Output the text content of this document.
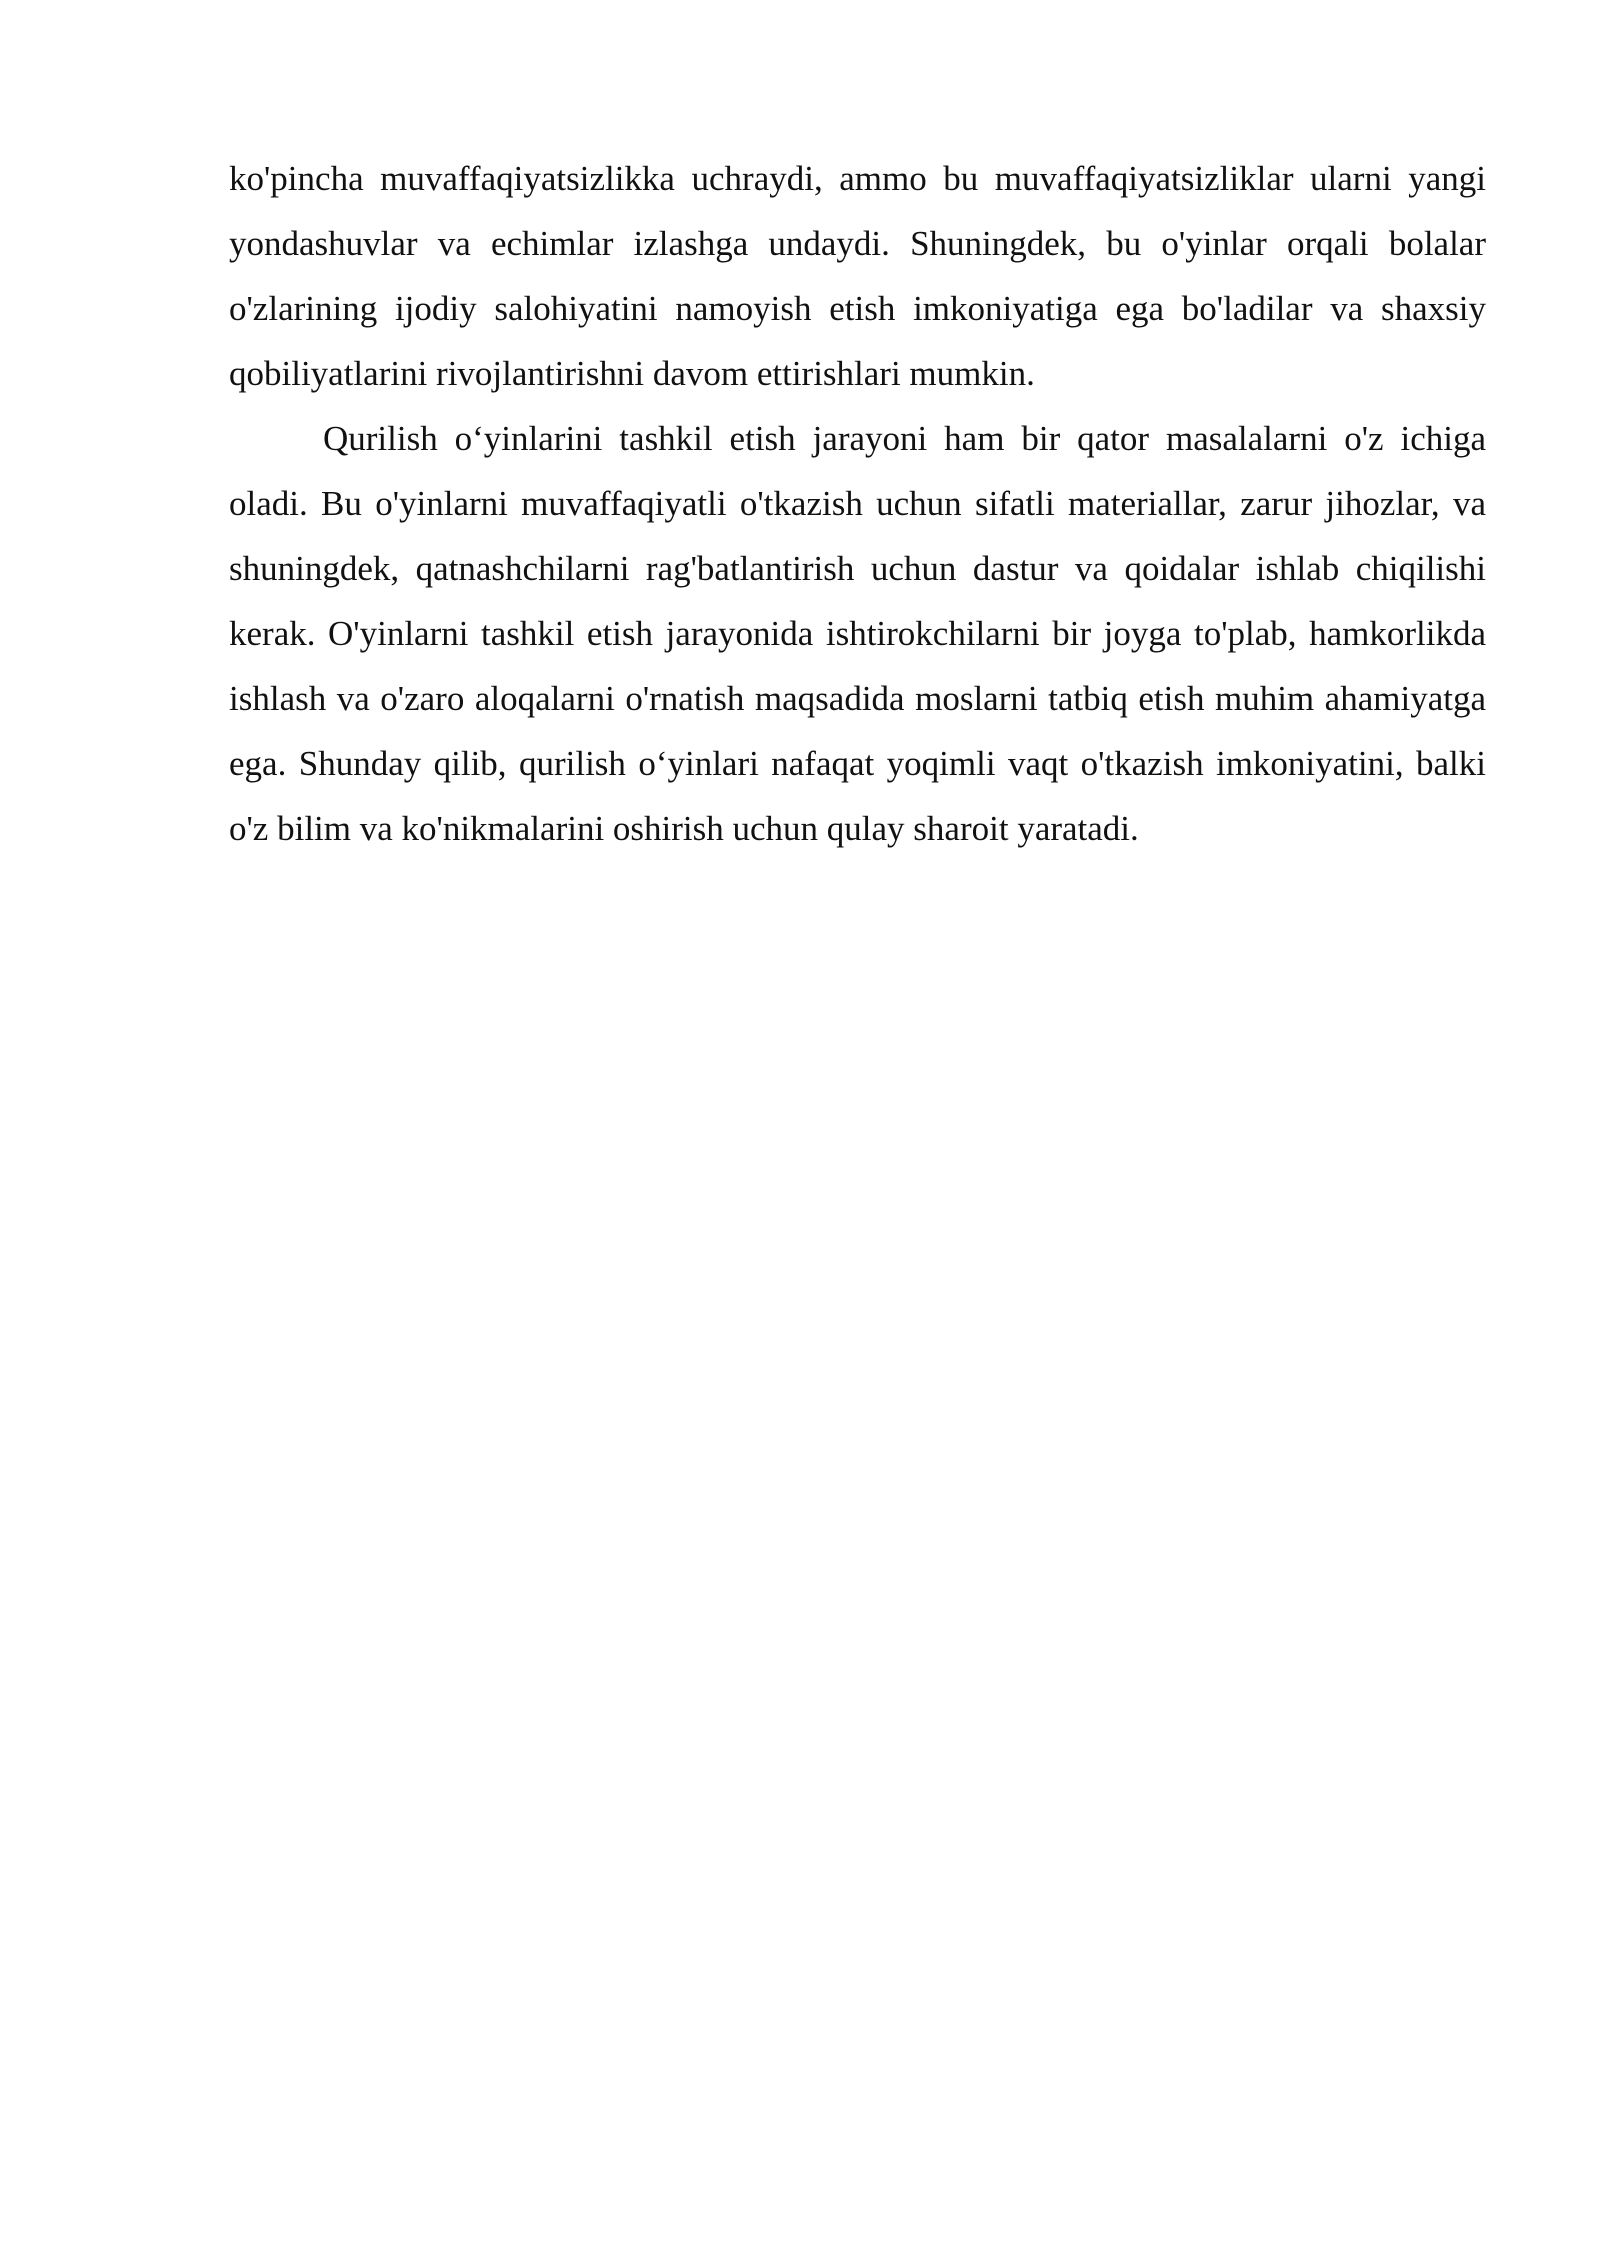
ko'pincha muvaffaqiyatsizlikka uchraydi, ammo bu muvaffaqiyatsizliklar ularni yangi yondashuvlar va echimlar izlashga undaydi. Shuningdek, bu o'yinlar orqali bolalar o'zlarining ijodiy salohiyatini namoyish etish imkoniyatiga ega bo'ladilar va shaxsiy qobiliyatlarini rivojlantirishni davom ettirishlari mumkin.

Qurilish o‘yinlarini tashkil etish jarayoni ham bir qator masalalarni o'z ichiga oladi. Bu o'yinlarni muvaffaqiyatli o'tkazish uchun sifatli materiallar, zarur jihozlar, va shuningdek, qatnashchilarni rag'batlantirish uchun dastur va qoidalar ishlab chiqilishi kerak. O'yinlarni tashkil etish jarayonida ishtirokchilarni bir joyga to'plab, hamkorlikda ishlash va o'zaro aloqalarni o'rnatish maqsadida moslarni tatbiq etish muhim ahamiyatga ega. Shunday qilib, qurilish o‘yinlari nafaqat yoqimli vaqt o'tkazish imkoniyatini, balki o'z bilim va ko'nikmalarini oshirish uchun qulay sharoit yaratadi.
